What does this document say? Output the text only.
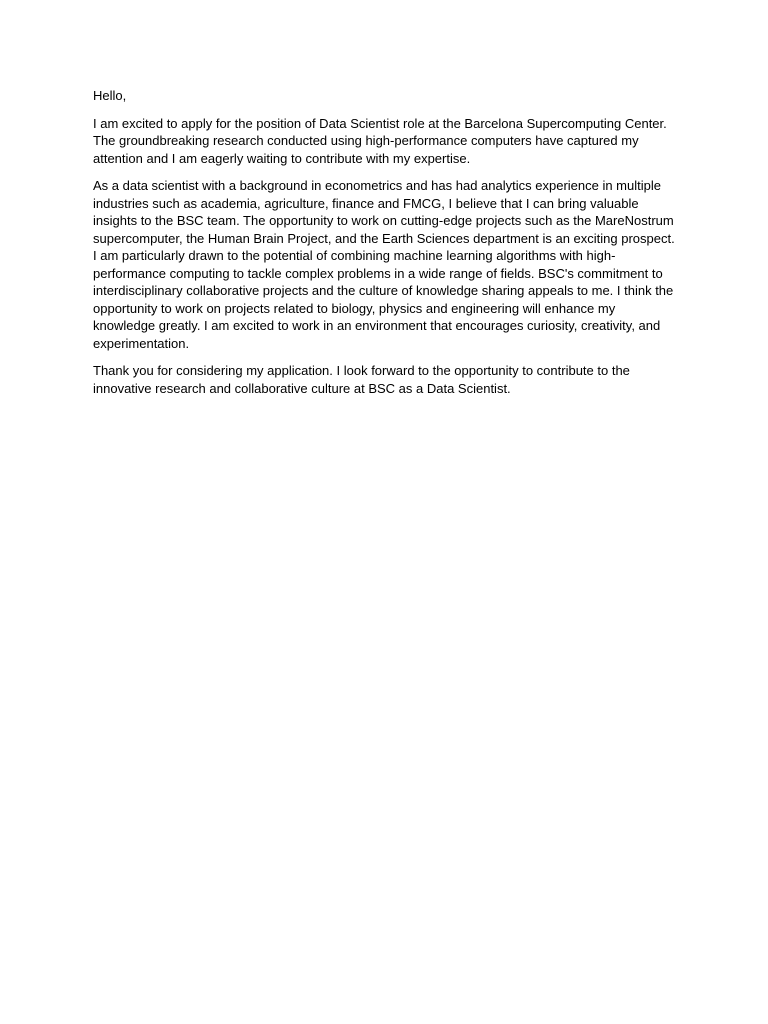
Hello,

I am excited to apply for the position of Data Scientist role at the Barcelona Supercomputing Center. The groundbreaking research conducted using high-performance computers have captured my attention and I am eagerly waiting to contribute with my expertise.

As a data scientist with a background in econometrics and has had analytics experience in multiple industries such as academia, agriculture, finance and FMCG, I believe that I can bring valuable insights to the BSC team. The opportunity to work on cutting-edge projects such as the MareNostrum supercomputer, the Human Brain Project, and the Earth Sciences department is an exciting prospect. I am particularly drawn to the potential of combining machine learning algorithms with high-performance computing to tackle complex problems in a wide range of fields. BSC's commitment to interdisciplinary collaborative projects and the culture of knowledge sharing appeals to me. I think the opportunity to work on projects related to biology, physics and engineering will enhance my knowledge greatly. I am excited to work in an environment that encourages curiosity, creativity, and experimentation.

Thank you for considering my application. I look forward to the opportunity to contribute to the innovative research and collaborative culture at BSC as a Data Scientist.
